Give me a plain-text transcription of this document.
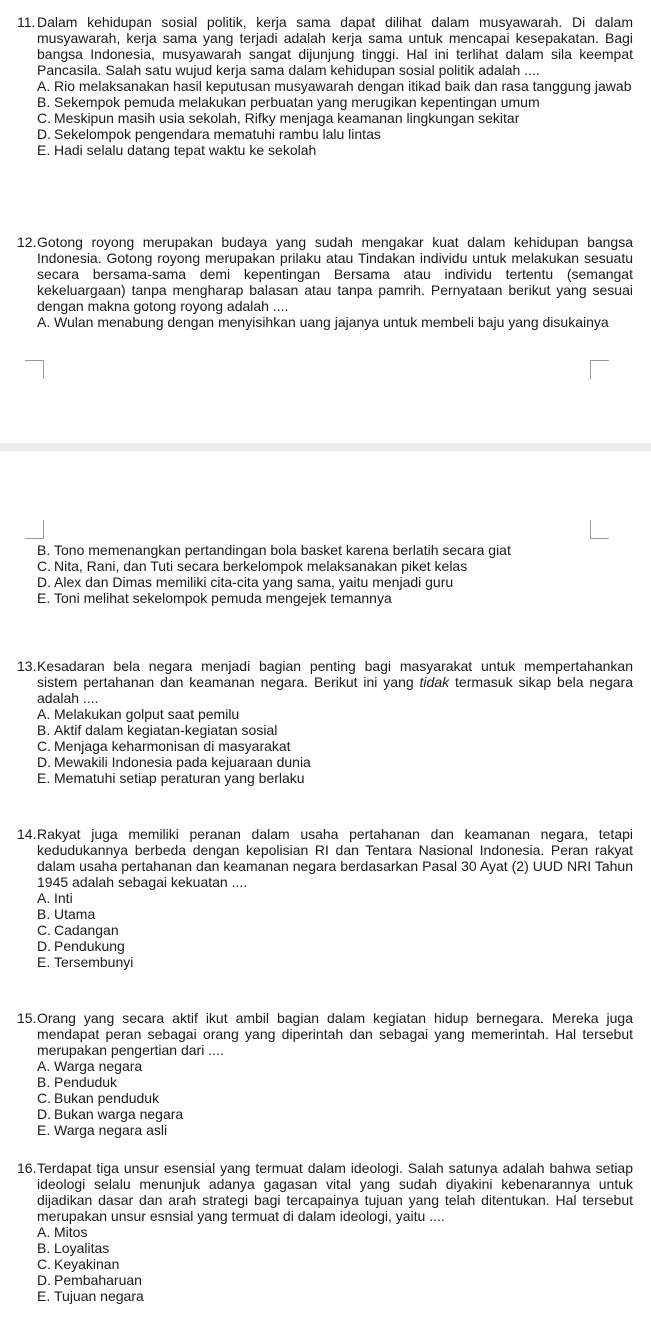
11. Dalam kehidupan sosial politik, kerja sama dapat dilihat dalam musyawarah. Di dalam musyawarah, kerja sama yang terjadi adalah kerja sama untuk mencapai kesepakatan. Bagi bangsa Indonesia, musyawarah sangat dijunjung tinggi. Hal ini terlihat dalam sila keempat Pancasila. Salah satu wujud kerja sama dalam kehidupan sosial politik adalah ....
A. Rio melaksanakan hasil keputusan musyawarah dengan itikad baik dan rasa tanggung jawab
B. Sekempok pemuda melakukan perbuatan yang merugikan kepentingan umum
C. Meskipun masih usia sekolah, Rifky menjaga keamanan lingkungan sekitar
D. Sekelompok pengendara mematuhi rambu lalu lintas
E. Hadi selalu datang tepat waktu ke sekolah
12. Gotong royong merupakan budaya yang sudah mengakar kuat dalam kehidupan bangsa Indonesia. Gotong royong merupakan prilaku atau Tindakan individu untuk melakukan sesuatu secara bersama-sama demi kepentingan Bersama atau individu tertentu (semangat kekeluargaan) tanpa mengharap balasan atau tanpa pamrih. Pernyataan berikut yang sesuai dengan makna gotong royong adalah ....
A. Wulan menabung dengan menyisihkan uang jajanya untuk membeli baju yang disukainya
B. Tono memenangkan pertandingan bola basket karena berlatih secara giat
C. Nita, Rani, dan Tuti secara berkelompok melaksanakan piket kelas
D. Alex dan Dimas memiliki cita-cita yang sama, yaitu menjadi guru
E. Toni melihat sekelompok pemuda mengejek temannya
13. Kesadaran bela negara menjadi bagian penting bagi masyarakat untuk mempertahankan sistem pertahanan dan keamanan negara. Berikut ini yang tidak termasuk sikap bela negara adalah ....
A. Melakukan golput saat pemilu
B. Aktif dalam kegiatan-kegiatan sosial
C. Menjaga keharmonisan di masyarakat
D. Mewakili Indonesia pada kejuaraan dunia
E. Mematuhi setiap peraturan yang berlaku
14. Rakyat juga memiliki peranan dalam usaha pertahanan dan keamanan negara, tetapi kedudukannya berbeda dengan kepolisian RI dan Tentara Nasional Indonesia. Peran rakyat dalam usaha pertahanan dan keamanan negara berdasarkan Pasal 30 Ayat (2) UUD NRI Tahun 1945 adalah sebagai kekuatan ....
A. Inti
B. Utama
C. Cadangan
D. Pendukung
E. Tersembunyi
15. Orang yang secara aktif ikut ambil bagian dalam kegiatan hidup bernegara. Mereka juga mendapat peran sebagai orang yang diperintah dan sebagai yang memerintah. Hal tersebut merupakan pengertian dari ....
A. Warga negara
B. Penduduk
C. Bukan penduduk
D. Bukan warga negara
E. Warga negara asli
16. Terdapat tiga unsur esensial yang termuat dalam ideologi. Salah satunya adalah bahwa setiap ideologi selalu menunjuk adanya gagasan vital yang sudah diyakini kebenarannya untuk dijadikan dasar dan arah strategi bagi tercapainya tujuan yang telah ditentukan. Hal tersebut merupakan unsur esnsial yang termuat di dalam ideologi, yaitu ....
A. Mitos
B. Loyalitas
C. Keyakinan
D. Pembaharuan
E. Tujuan negara
